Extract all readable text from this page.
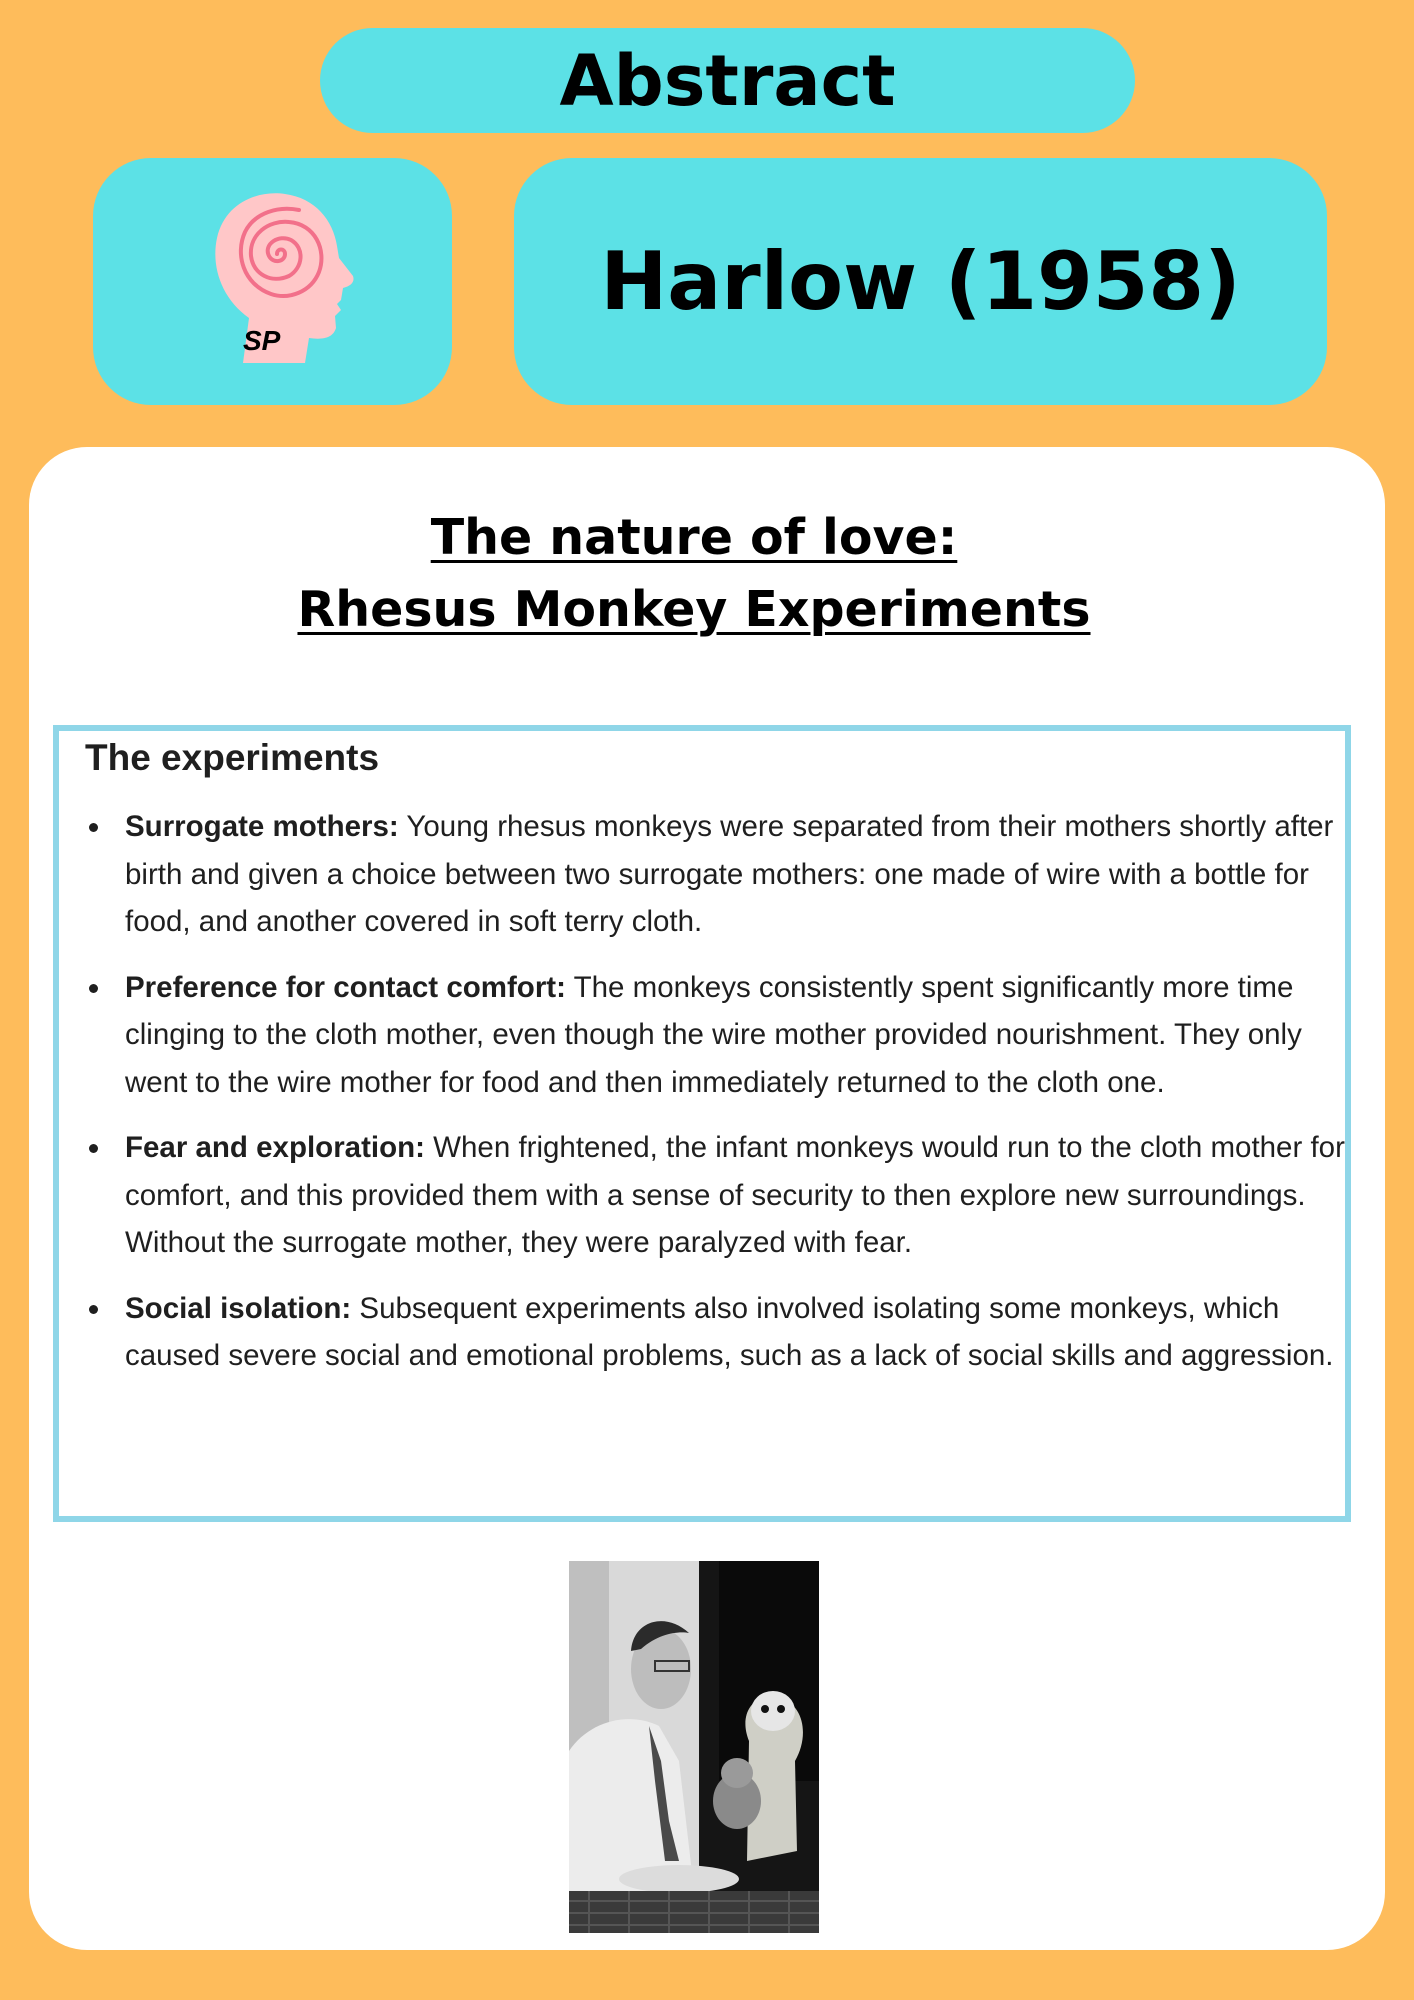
Abstract
SP
Harlow (1958)
The nature of love:
Rhesus Monkey Experiments
The experiments
Surrogate mothers: Young rhesus monkeys were separated from their mothers shortly after birth and given a choice between two surrogate mothers: one made of wire with a bottle for food, and another covered in soft terry cloth.
Preference for contact comfort: The monkeys consistently spent significantly more time clinging to the cloth mother, even though the wire mother provided nourishment. They only went to the wire mother for food and then immediately returned to the cloth one.
Fear and exploration: When frightened, the infant monkeys would run to the cloth mother for comfort, and this provided them with a sense of security to then explore new surroundings. Without the surrogate mother, they were paralyzed with fear.
Social isolation: Subsequent experiments also involved isolating some monkeys, which caused severe social and emotional problems, such as a lack of social skills and aggression.
